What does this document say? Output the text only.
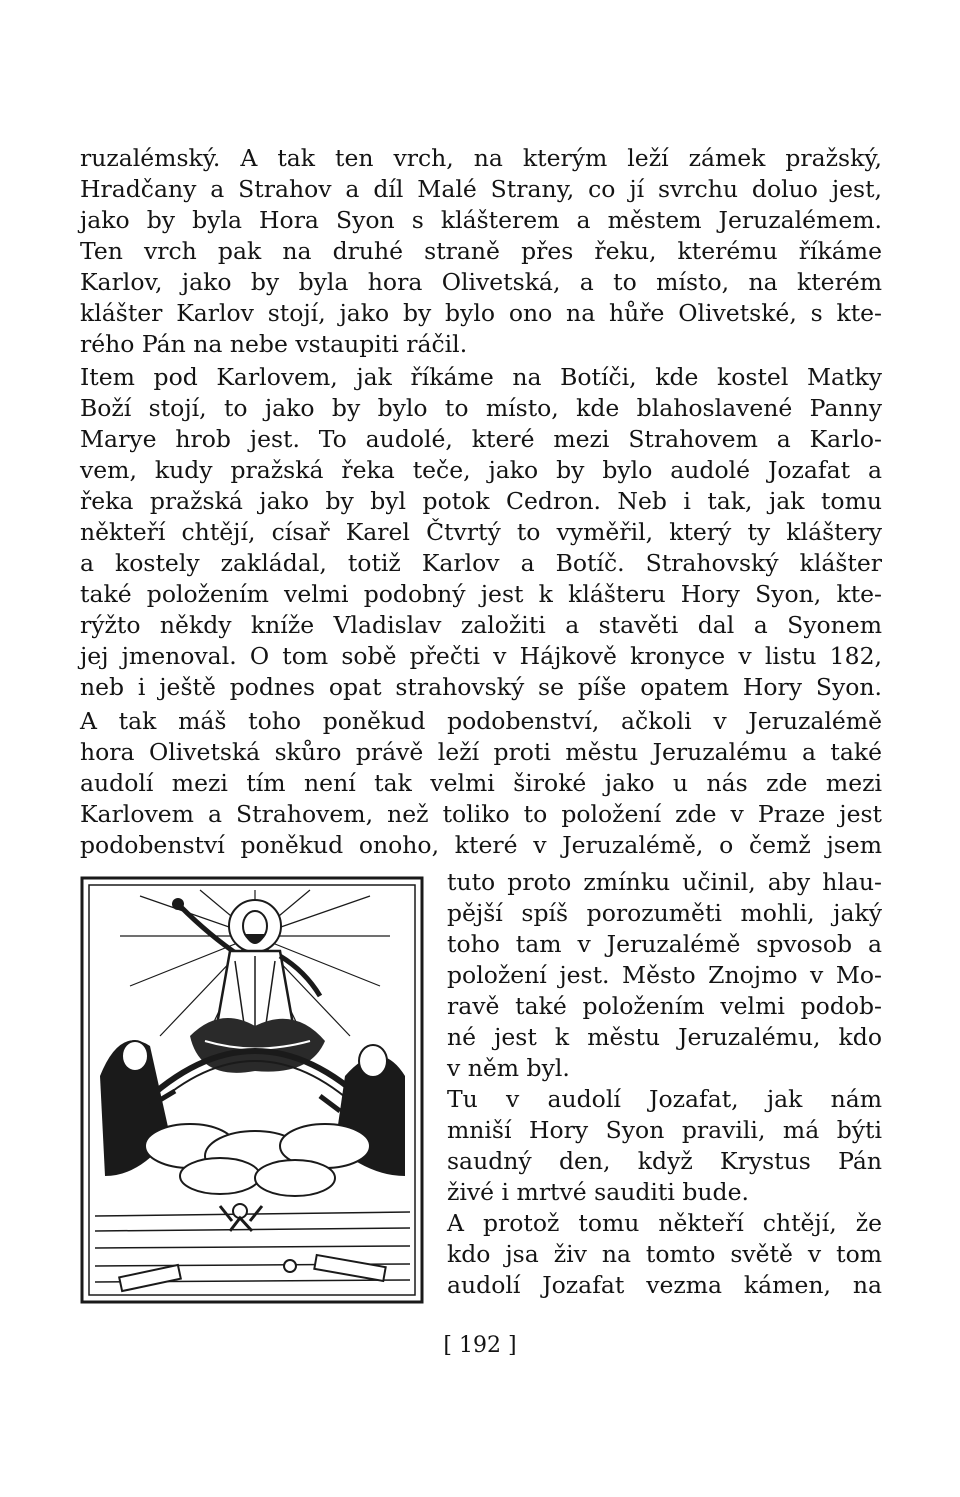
ruzalémský. A tak ten vrch, na kterým leží zámek pražský,
Hradčany a Strahov a díl Malé Strany, co jí svrchu doluo jest,
jako by byla Hora Syon s klášterem a městem Jeruzalémem.
Ten vrch pak na druhé straně přes řeku, kterému říkáme
Karlov, jako by byla hora Olivetská, a to místo, na kterém
klášter Karlov stojí, jako by bylo ono na hůře Olivetské, s kte-
rého Pán na nebe vstaupiti ráčil.
Item pod Karlovem, jak říkáme na Botíči, kde kostel Matky
Boží stojí, to jako by bylo to místo, kde blahoslavené Panny
Marye hrob jest. To audolé, které mezi Strahovem a Karlo-
vem, kudy pražská řeka teče, jako by bylo audolé Jozafat a
řeka pražská jako by byl potok Cedron. Neb i tak, jak tomu
někteří chtějí, císař Karel Čtvrtý to vyměřil, který ty kláštery
a kostely zakládal, totiž Karlov a Botíč. Strahovský klášter
také položením velmi podobný jest k klášteru Hory Syon, kte-
rýžto někdy kníže Vladislav založiti a stavěti dal a Syonem
jej jmenoval. O tom sobě přečti v Hájkově kronyce v listu 182,
neb i ještě podnes opat strahovský se píše opatem Hory Syon.
A tak máš toho poněkud podobenství, ačkoli v Jeruzalémě
hora Olivetská skůro právě leží proti městu Jeruzalému a také
audolí mezi tím není tak velmi široké jako u nás zde mezi
Karlovem a Strahovem, než toliko to položení zde v Praze jest
podobenství poněkud onoho, které v Jeruzalémě, o čemž jsem
tuto proto zmínku učinil, aby hlau-
pější spíš porozuměti mohli, jaký
toho tam v Jeruzalémě spvosob a
položení jest. Město Znojmo v Mo-
ravě také položením velmi podob-
né jest k městu Jeruzalému, kdo
v něm byl.
Tu v audolí Jozafat, jak nám
mniší Hory Syon pravili, má býti
saudný den, když Krystus Pán
živé i mrtvé sauditi bude.
A protož tomu někteří chtějí, že
kdo jsa živ na tomto světě v tom
audolí Jozafat vezma kámen, na
[ 192 ]
